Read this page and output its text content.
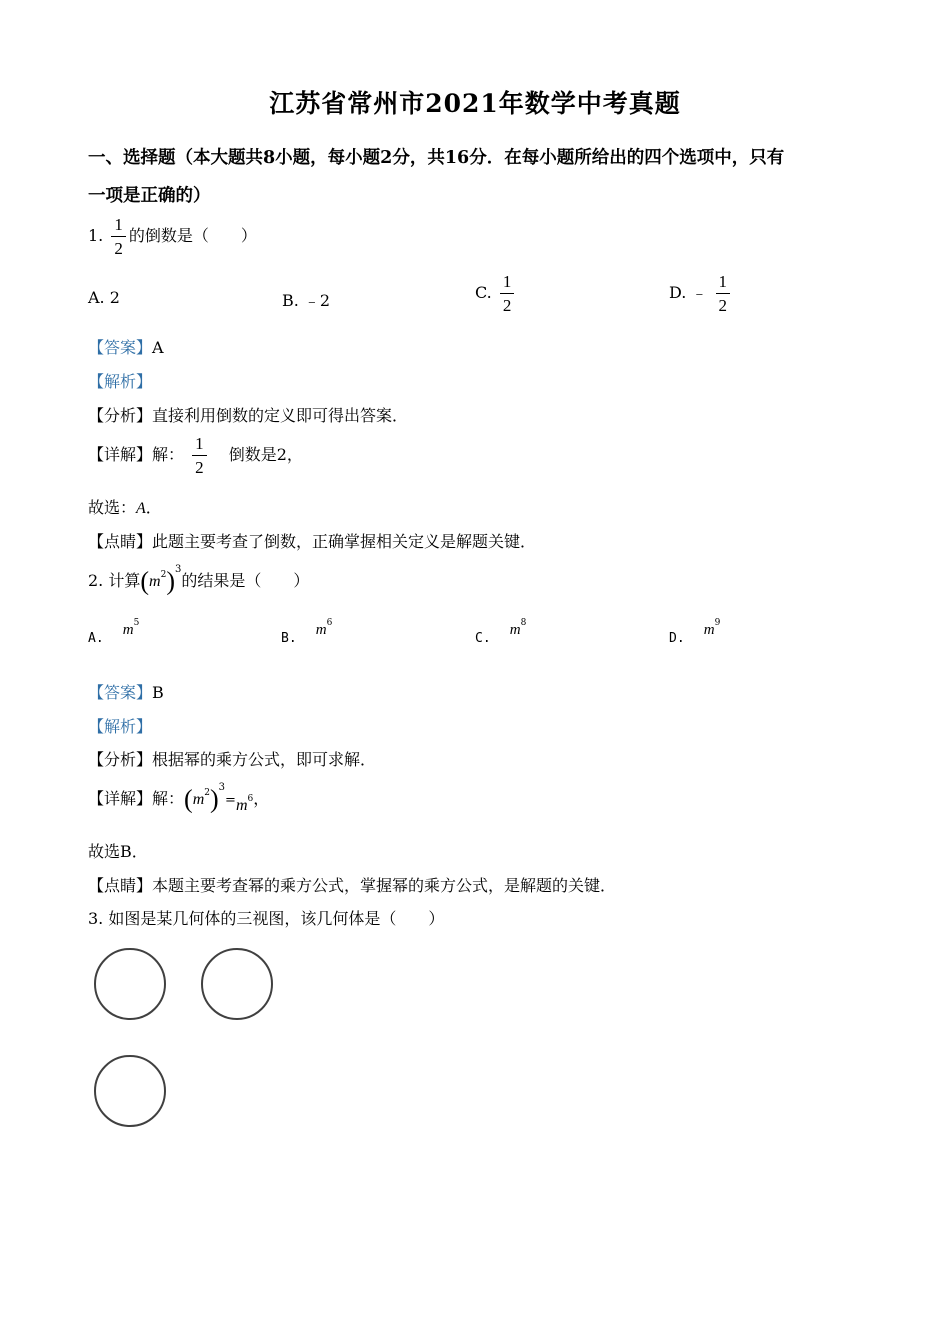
江苏省常州市2021年数学中考真题
一、选择题（本大题共8小题，每小题2分，共16分．在每小题所给出的四个选项中，只有
一项是正确的）
1. $\frac{1}{2}$ 的倒数是（　　）
A. 2	B. ﹣2	C. $\frac{1}{2}$	D. ﹣ $\frac{1}{2}$
【答案】A
【解析】
【分析】直接利用倒数的定义即可得出答案．
【详解】解： $\frac{1}{2}$ 倒数是2，
故选：A．
【点睛】此题主要考查了倒数，正确掌握相关定义是解题关键．
2. 计算$(m^2)^3$的结果是（　　）
A. $m^5$
B. $m^6$
C. $m^8$
D. $m^9$
【答案】B
【解析】
【分析】根据幂的乘方公式，即可求解．
【详解】解：$(m^2)^3=m6$，
故选B．
【点睛】本题主要考查幂的乘方公式，掌握幂的乘方公式，是解题的关键．
3. 如图是某几何体的三视图，该几何体是（　　）
